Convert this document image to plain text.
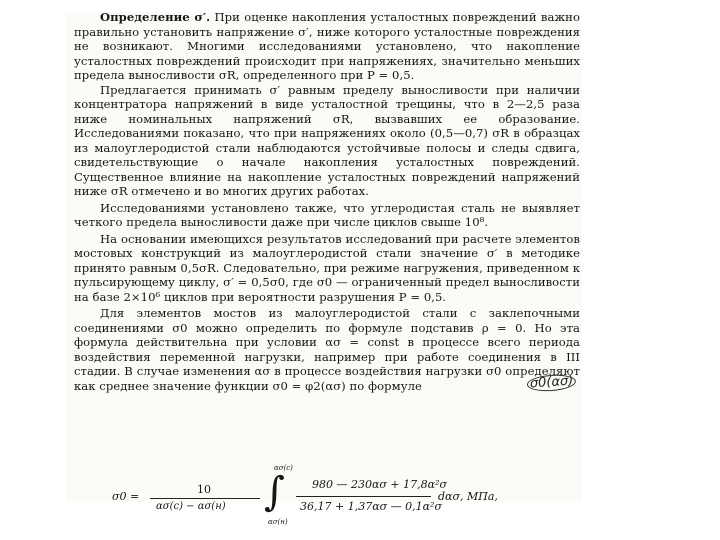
Определение σ′. При оценке накопления усталостных повреждений важно правильно установить напряжение σ′, ниже которого усталостные повреждения не возникают. Многими исследованиями установлено, что накопление усталостных повреждений происходит при напряжениях, значительно меньших предела выносливости σR, определенного при P = 0,5.

Предлагается принимать σ′ равным пределу выносливости при наличии концентратора напряжений в виде усталостной трещины, что в 2—2,5 раза ниже номинальных напряжений σR, вызвавших ее образование. Исследованиями показано, что при напряжениях около (0,5—0,7) σR в образцах из малоуглеродистой стали наблюдаются устойчивые полосы и следы сдвига, свидетельствующие о начале накопления усталостных повреждений. Существенное влияние на накопление усталостных повреждений напряжений ниже σR отмечено и во многих других работах.

Исследованиями установлено также, что углеродистая сталь не выявляет четкого предела выносливости даже при числе циклов свыше 10⁸.

На основании имеющихся результатов исследований при расчете элементов мостовых конструкций из малоуглеродистой стали значение σ′ в методике принято равным 0,5σR. Следовательно, при режиме нагружения, приведенном к пульсирующему циклу, σ′ = 0,5σ0, где σ0 — ограниченный предел выносливости на базе 2×10⁶ циклов при вероятности разрушения P = 0,5.

Для элементов мостов из малоуглеродистой стали с заклепочными соединениями σ0 можно определить по формуле подставив ρ = 0. Но эта формула действительна при условии ασ = const в процессе всего периода воздействия переменной нагрузки, например при работе соединения в III стадии. В случае изменения ασ в процессе воздействия нагрузки σ0 определяют как среднее значение функции σ0 = φ2(ασ) по формуле	σ0(ασ)
σ0 =
10
ασ(c) − ασ(н) ∫
ασ(c)
ασ(н)
980 — 230ασ + 17,8α²σ
36,17 + 1,37ασ — 0,1α²σ
dασ, МПа,
